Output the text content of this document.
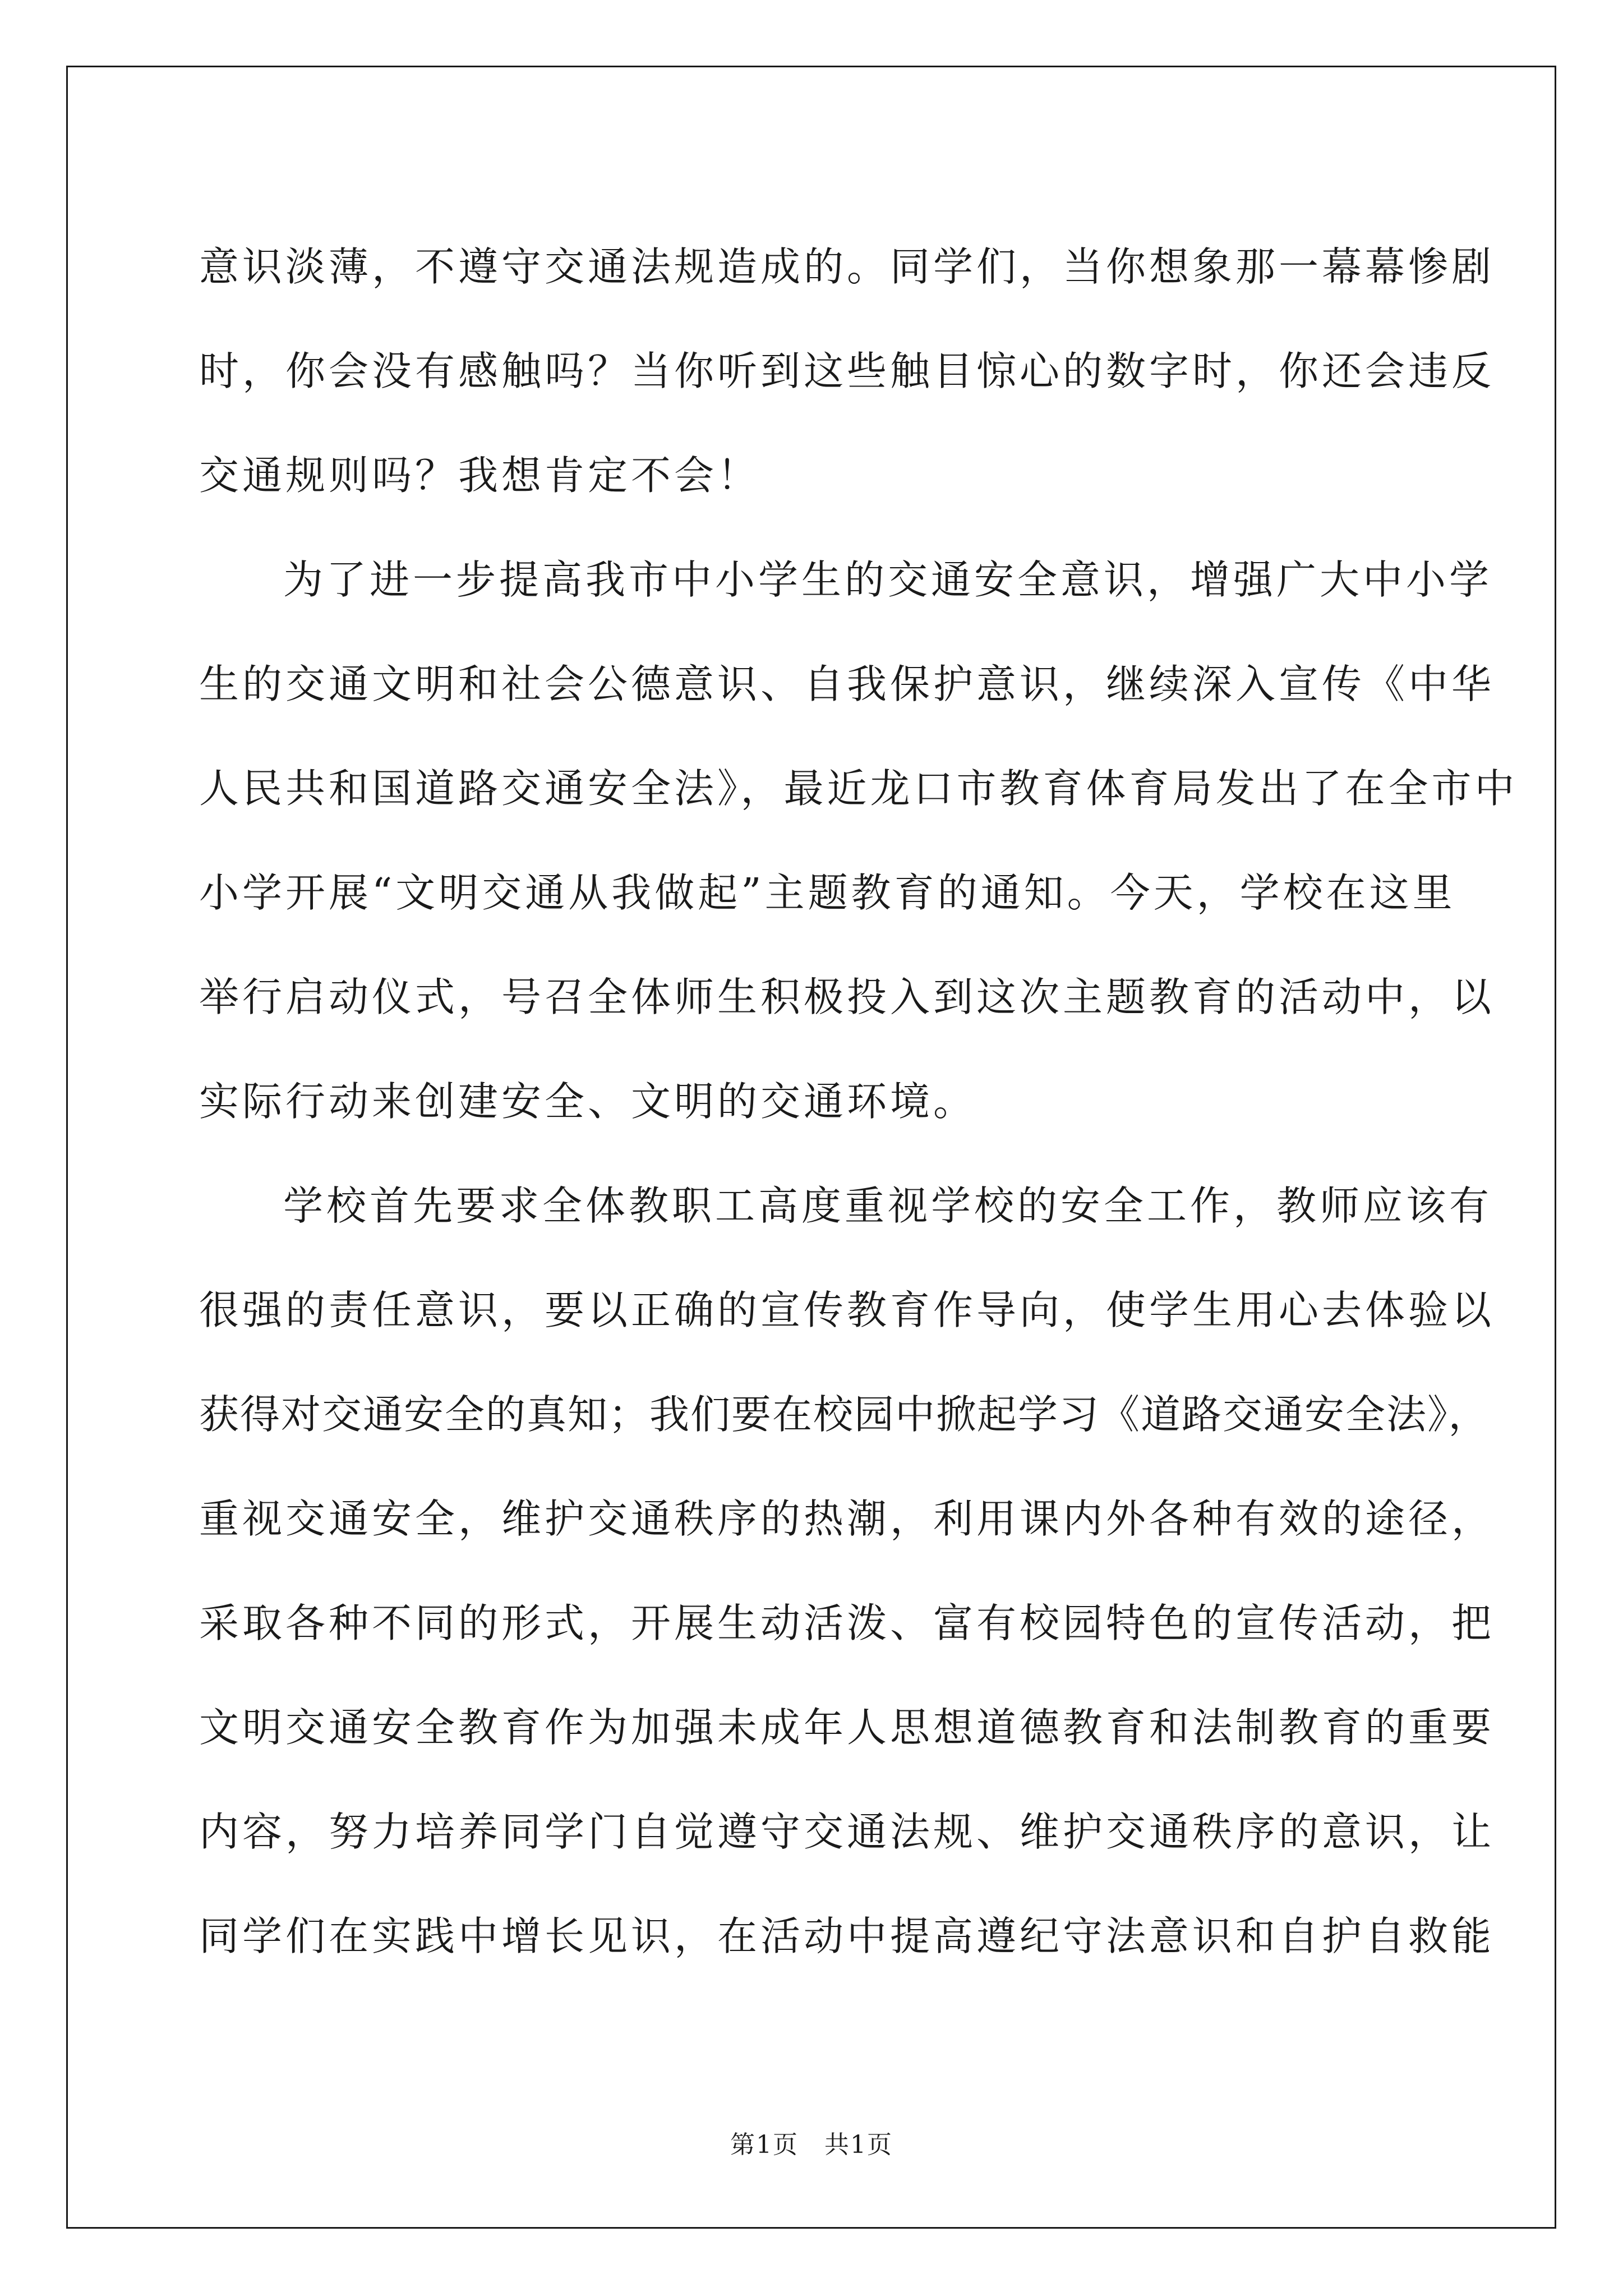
意识淡薄，不遵守交通法规造成的。同学们，当你想象那一幕幕惨剧
时，你会没有感触吗？当你听到这些触目惊心的数字时，你还会违反
交通规则吗？我想肯定不会！
为了进一步提高我市中小学生的交通安全意识，增强广大中小学
生的交通文明和社会公德意识、自我保护意识，继续深入宣传《中华
人民共和国道路交通安全法》，最近龙口市教育体育局发出了在全市中
小学开展“文明交通从我做起”主题教育的通知。今天，学校在这里
举行启动仪式，号召全体师生积极投入到这次主题教育的活动中，以
实际行动来创建安全、文明的交通环境。
学校首先要求全体教职工高度重视学校的安全工作，教师应该有
很强的责任意识，要以正确的宣传教育作导向，使学生用心去体验以
获得对交通安全的真知；我们要在校园中掀起学习《道路交通安全法》，
重视交通安全，维护交通秩序的热潮，利用课内外各种有效的途径，
采取各种不同的形式，开展生动活泼、富有校园特色的宣传活动，把
文明交通安全教育作为加强未成年人思想道德教育和法制教育的重要
内容，努力培养同学门自觉遵守交通法规、维护交通秩序的意识，让
同学们在实践中增长见识，在活动中提高遵纪守法意识和自护自救能
第1页　共1页
